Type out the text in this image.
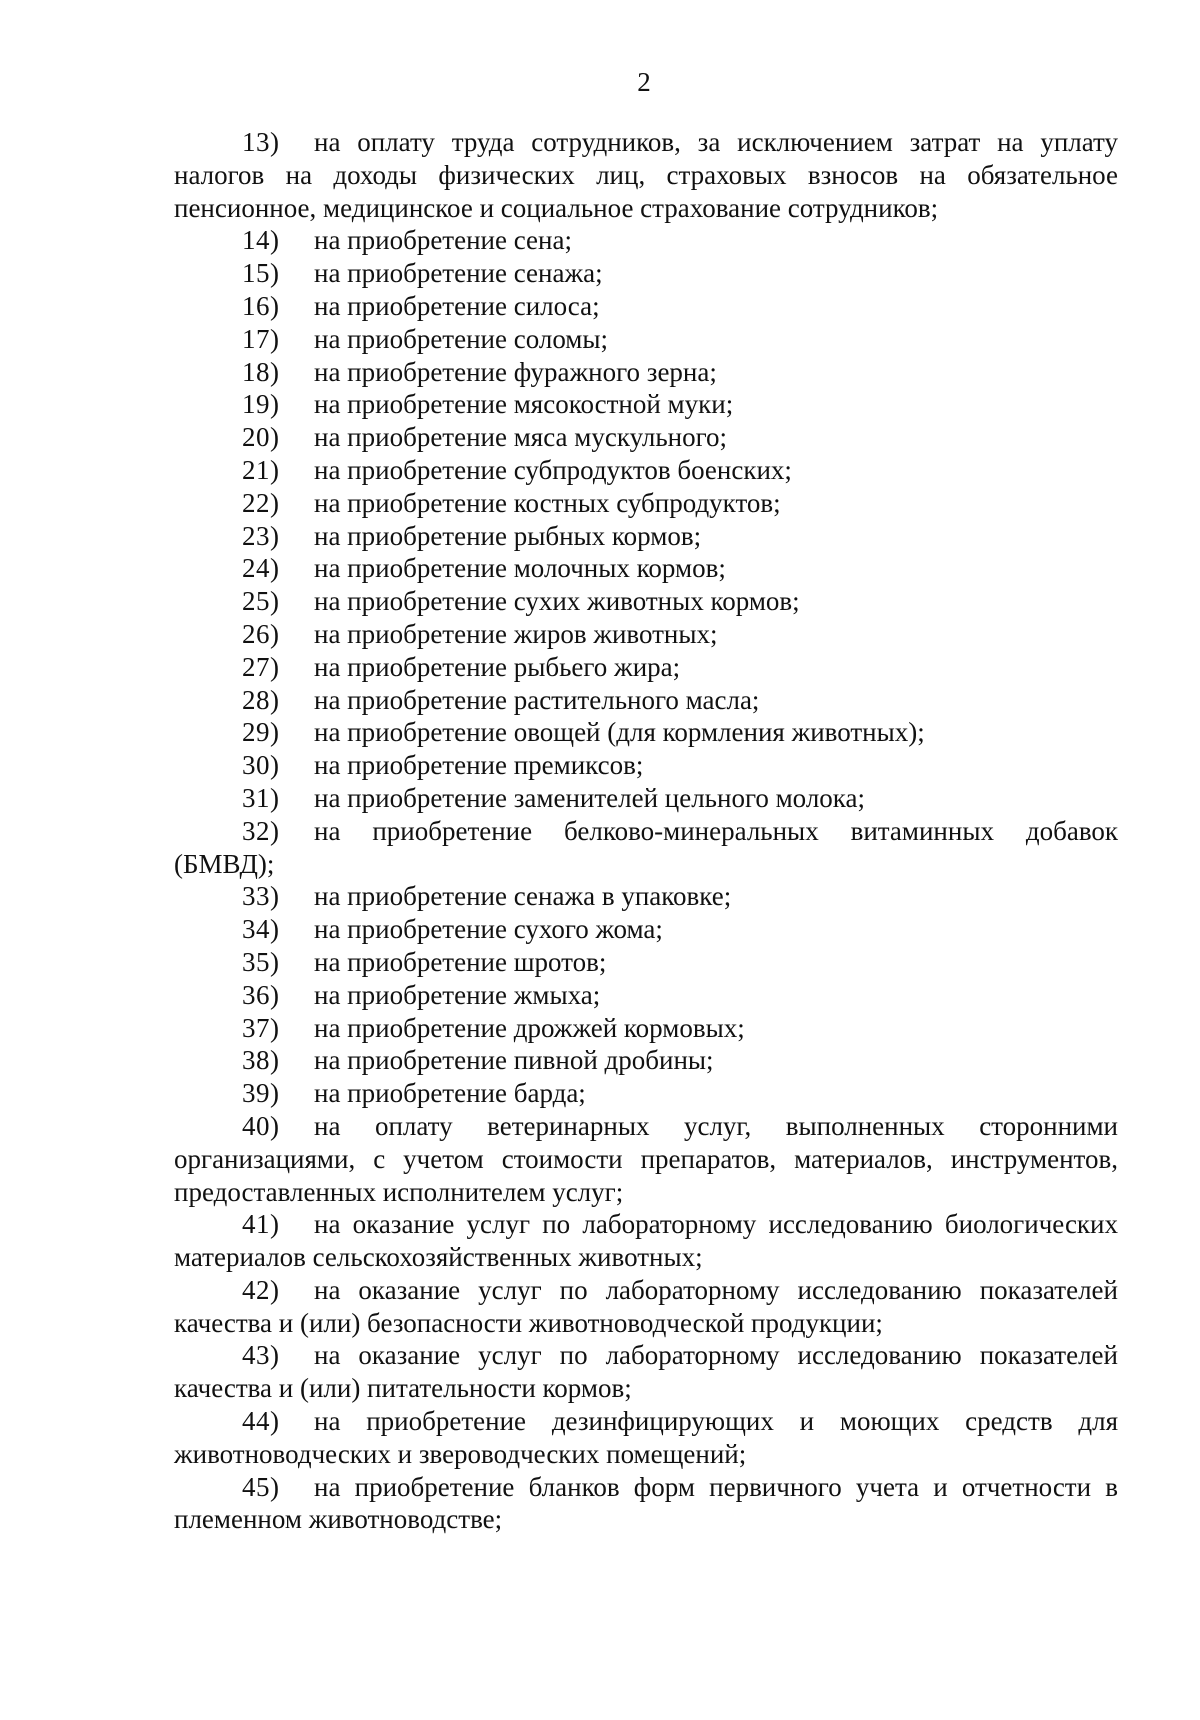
2
13) на оплату труда сотрудников, за исключением затрат на уплату налогов на доходы физических лиц, страховых взносов на обязательное пенсионное, медицинское и социальное страхование сотрудников;
14) на приобретение сена;
15) на приобретение сенажа;
16) на приобретение силоса;
17) на приобретение соломы;
18) на приобретение фуражного зерна;
19) на приобретение мясокостной муки;
20) на приобретение мяса мускульного;
21) на приобретение субпродуктов боенских;
22) на приобретение костных субпродуктов;
23) на приобретение рыбных кормов;
24) на приобретение молочных кормов;
25) на приобретение сухих животных кормов;
26) на приобретение жиров животных;
27) на приобретение рыбьего жира;
28) на приобретение растительного масла;
29) на приобретение овощей (для кормления животных);
30) на приобретение премиксов;
31) на приобретение заменителей цельного молока;
32) на приобретение белково-минеральных витаминных добавок (БМВД);
33) на приобретение сенажа в упаковке;
34) на приобретение сухого жома;
35) на приобретение шротов;
36) на приобретение жмыха;
37) на приобретение дрожжей кормовых;
38) на приобретение пивной дробины;
39) на приобретение барда;
40) на оплату ветеринарных услуг, выполненных сторонними организациями, с учетом стоимости препаратов, материалов, инструментов, предоставленных исполнителем услуг;
41) на оказание услуг по лабораторному исследованию биологических материалов сельскохозяйственных животных;
42) на оказание услуг по лабораторному исследованию показателей качества и (или) безопасности животноводческой продукции;
43) на оказание услуг по лабораторному исследованию показателей качества и (или) питательности кормов;
44) на приобретение дезинфицирующих и моющих средств для животноводческих и звероводческих помещений;
45) на приобретение бланков форм первичного учета и отчетности в племенном животноводстве;
